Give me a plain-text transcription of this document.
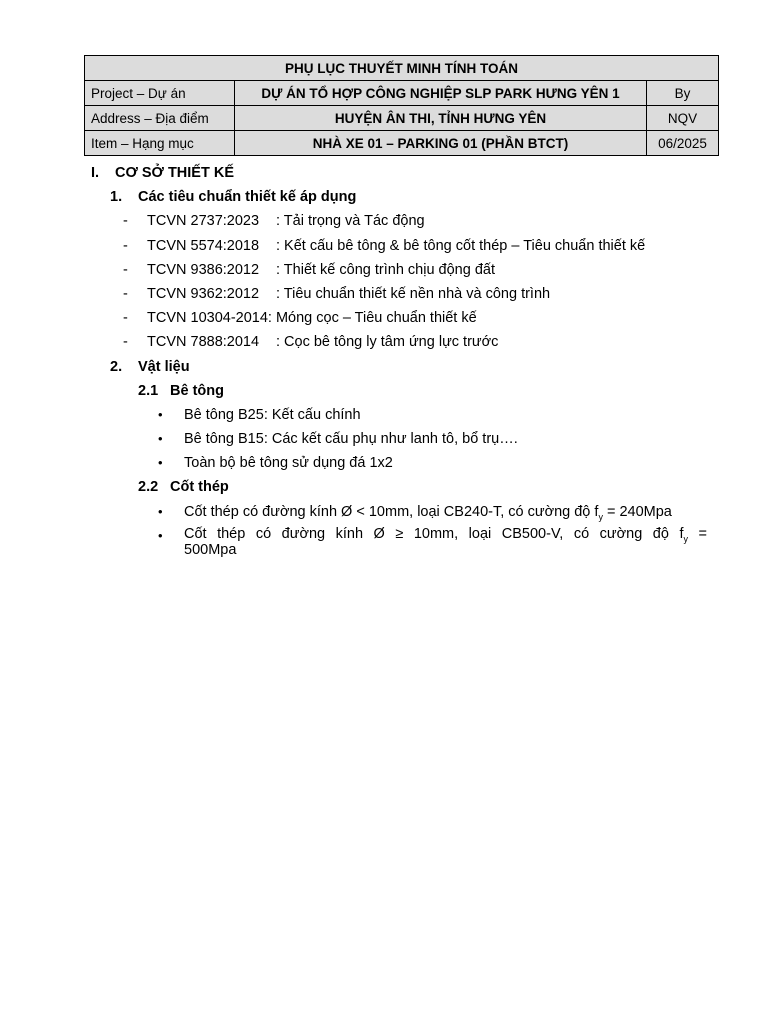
PHỤ LỤC THUYẾT MINH TÍNH TOÁN		
Project – Dự án	DỰ ÁN TỔ HỢP CÔNG NGHIỆP SLP PARK HƯNG YÊN 1	By
Address – Địa điểm	HUYỆN ÂN THI, TỈNH HƯNG YÊN	NQV
Item – Hạng mục	NHÀ XE 01 – PARKING 01 (PHẦN BTCT)	06/2025
I. CƠ SỞ THIẾT KẾ
1. Các tiêu chuẩn thiết kế áp dụng
- TCVN 2737:2023 : Tải trọng và Tác động
- TCVN 5574:2018 : Kết cấu bê tông & bê tông cốt thép – Tiêu chuẩn thiết kế
- TCVN 9386:2012 : Thiết kế công trình chịu động đất
- TCVN 9362:2012 : Tiêu chuẩn thiết kế nền nhà và công trình
- TCVN 10304-2014: Móng cọc – Tiêu chuẩn thiết kế
- TCVN 7888:2014 : Cọc bê tông ly tâm ứng lực trước
2. Vật liệu
2.1 Bê tông
• Bê tông B25: Kết cấu chính
• Bê tông B15: Các kết cấu phụ như lanh tô, bổ trụ….
• Toàn bộ bê tông sử dụng đá 1x2
2.2 Cốt thép
• Cốt thép có đường kính Ø < 10mm, loại CB240-T, có cường độ $f_y = 240Mpa$
• Cốt thép có đường kính Ø ≥ 10mm, loại CB500-V, có cường độ $f_y$ =
500Mpa
